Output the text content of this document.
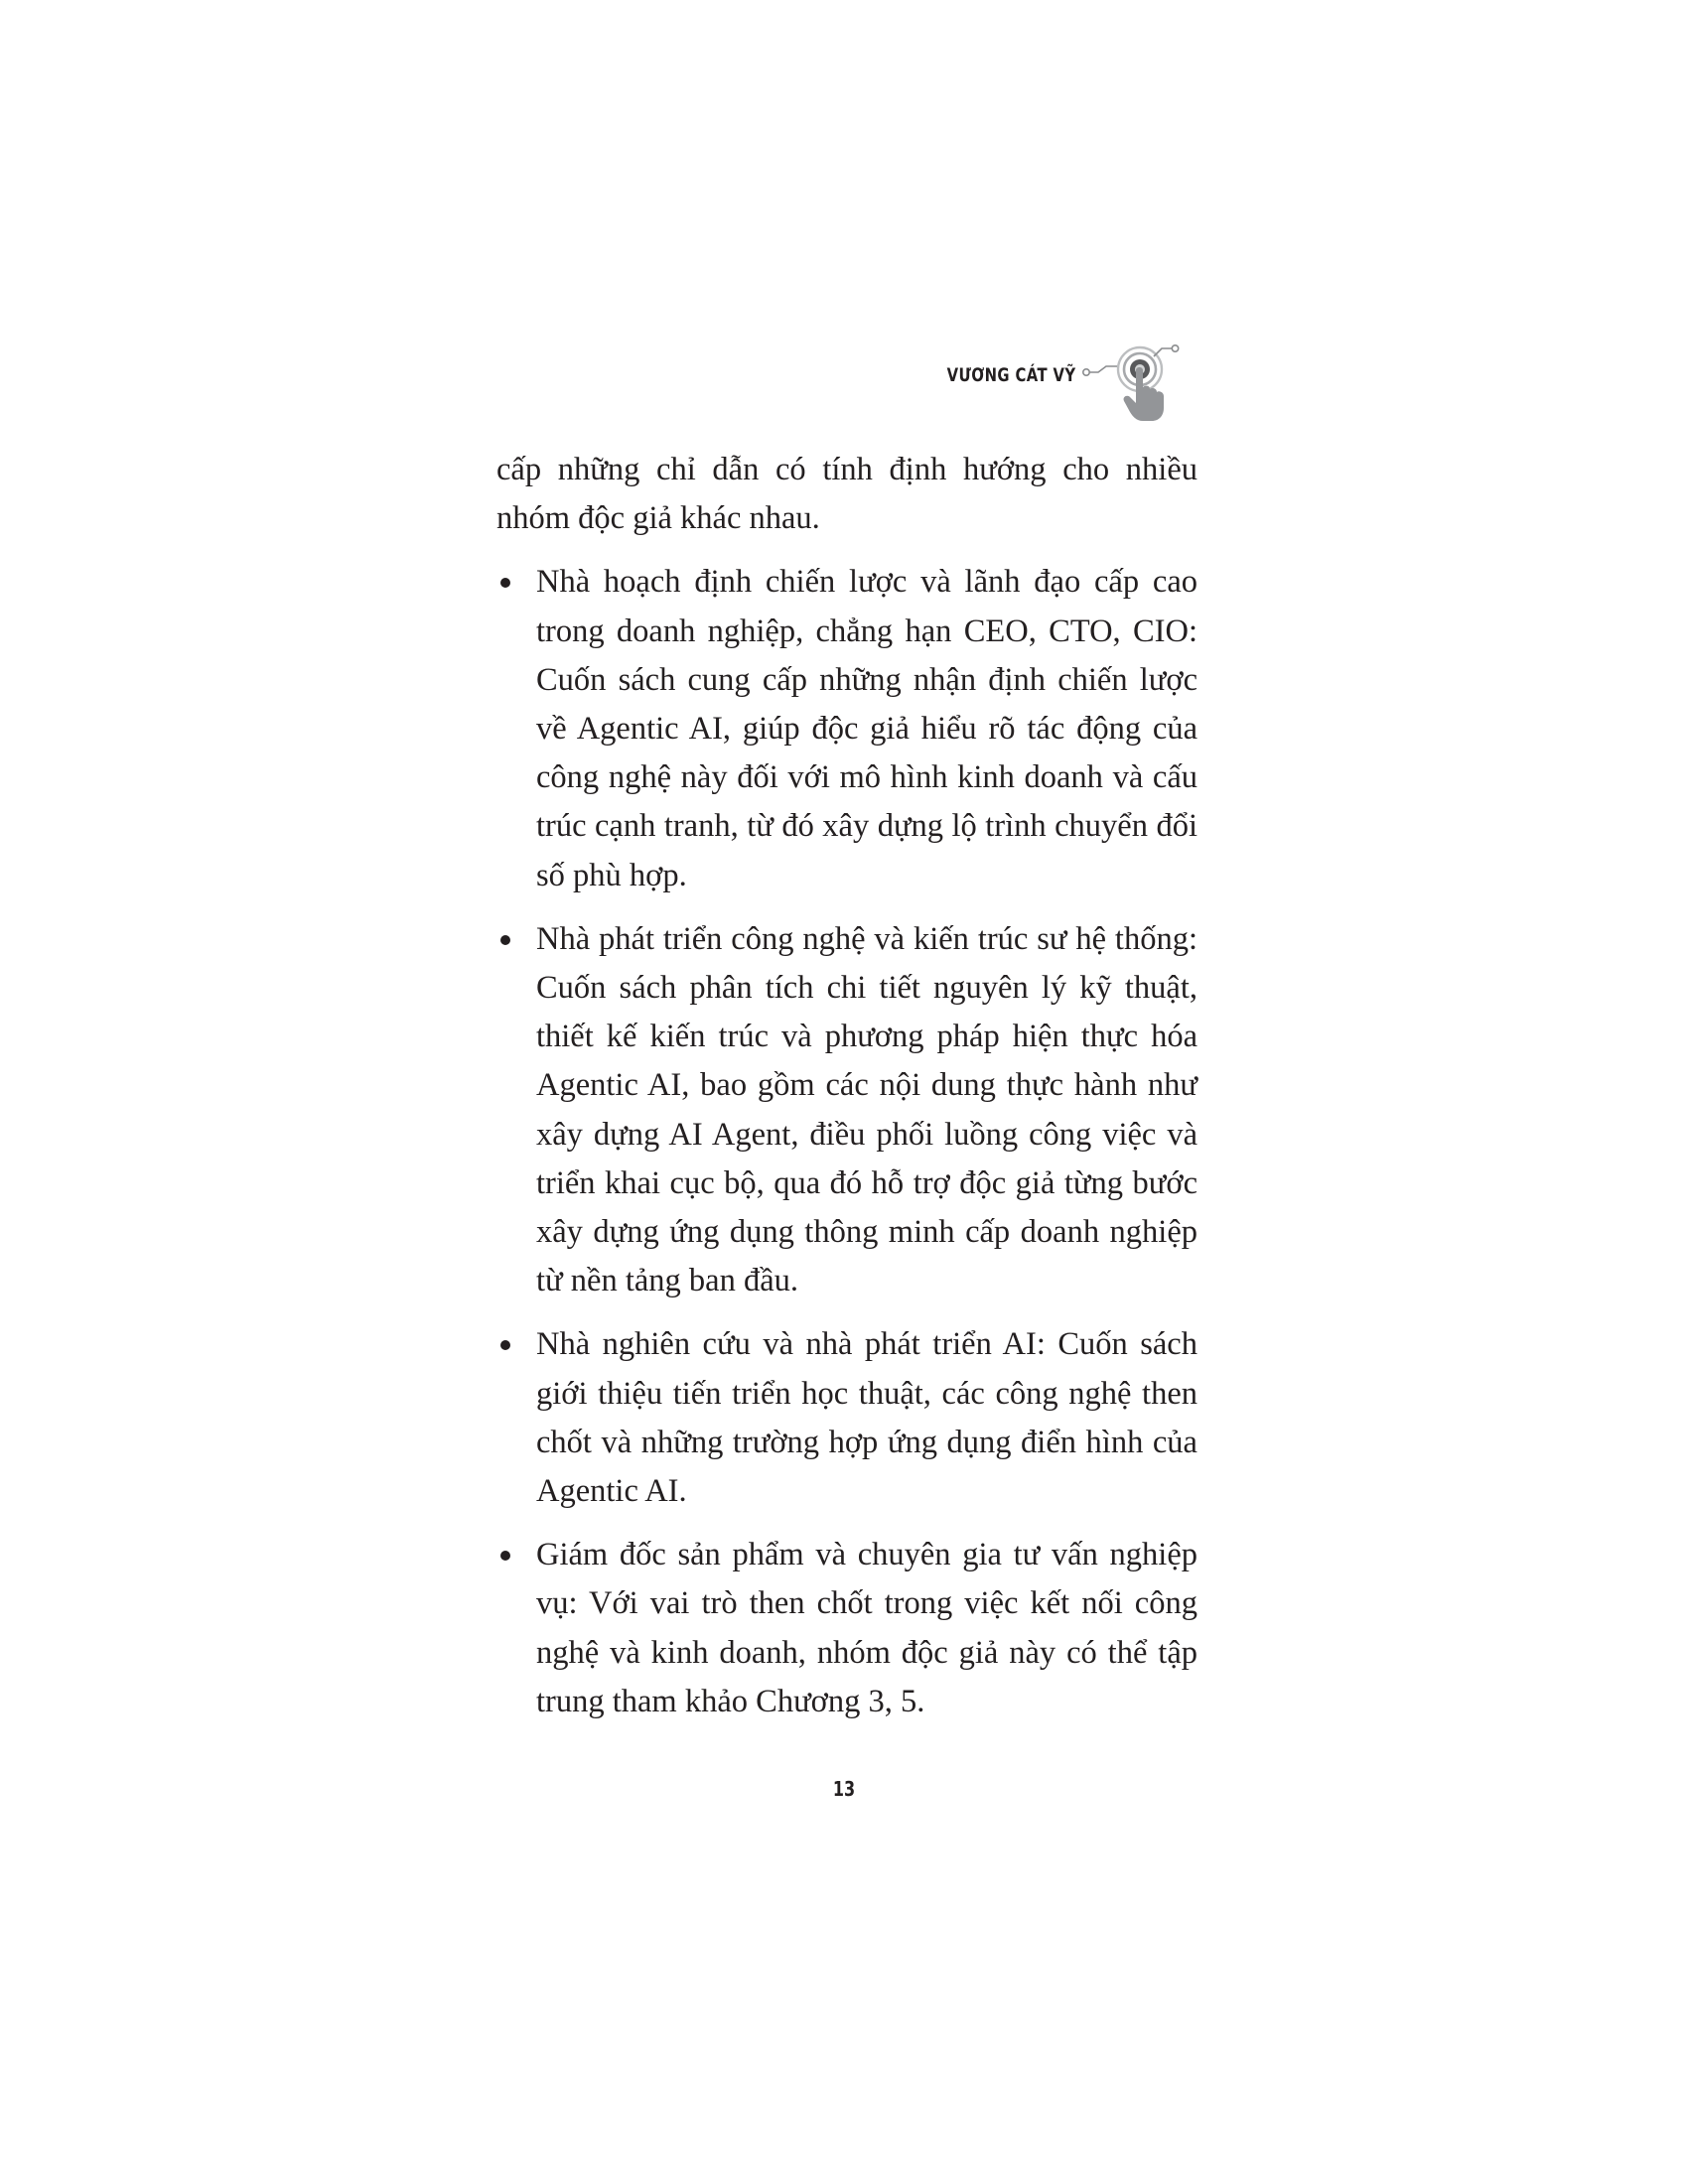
VƯƠNG CÁT VỸ

cấp những chỉ dẫn có tính định hướng cho nhiều nhóm độc giả khác nhau.

Nhà hoạch định chiến lược và lãnh đạo cấp cao trong doanh nghiệp, chẳng hạn CEO, CTO, CIO: Cuốn sách cung cấp những nhận định chiến lược về Agentic AI, giúp độc giả hiểu rõ tác động của công nghệ này đối với mô hình kinh doanh và cấu trúc cạnh tranh, từ đó xây dựng lộ trình chuyển đổi số phù hợp.
Nhà phát triển công nghệ và kiến trúc sư hệ thống: Cuốn sách phân tích chi tiết nguyên lý kỹ thuật, thiết kế kiến trúc và phương pháp hiện thực hóa Agentic AI, bao gồm các nội dung thực hành như xây dựng AI Agent, điều phối luồng công việc và triển khai cục bộ, qua đó hỗ trợ độc giả từng bước xây dựng ứng dụng thông minh cấp doanh nghiệp từ nền tảng ban đầu.
Nhà nghiên cứu và nhà phát triển AI: Cuốn sách giới thiệu tiến triển học thuật, các công nghệ then chốt và những trường hợp ứng dụng điển hình của Agentic AI.
Giám đốc sản phẩm và chuyên gia tư vấn nghiệp vụ: Với vai trò then chốt trong việc kết nối công nghệ và kinh doanh, nhóm độc giả này có thể tập trung tham khảo Chương 3, 5.
13
